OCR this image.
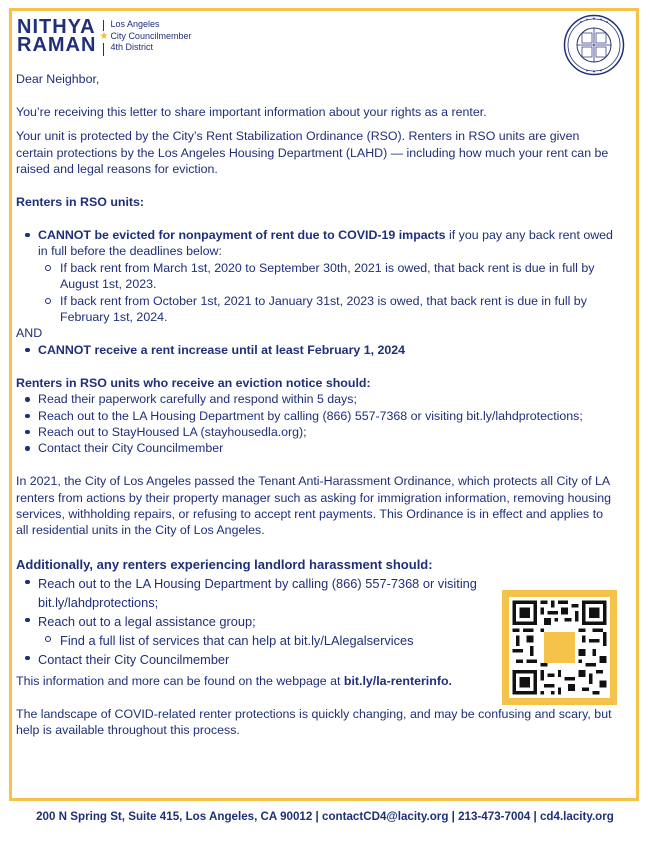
NITHYA
RAMAN ★
Los Angeles
City Councilmember
4th District

Dear Neighbor,

You’re receiving this letter to share important information about your rights as a renter.

Your unit is protected by the City’s Rent Stabilization Ordinance (RSO). Renters in RSO units are given certain protections by the Los Angeles Housing Department (LAHD) — including how much your rent can be raised and legal reasons for eviction.

Renters in RSO units:

CANNOT be evicted for nonpayment of rent due to COVID-19 impacts if you pay any back rent owed in full before the deadlines below:
If back rent from March 1st, 2020 to September 30th, 2021 is owed, that back rent is due in full by August 1st, 2023.
If back rent from October 1st, 2021 to January 31st, 2023 is owed, that back rent is due in full by February 1st, 2024.

AND

CANNOT receive a rent increase until at least February 1, 2024

Renters in RSO units who receive an eviction notice should:

Read their paperwork carefully and respond within 5 days;
Reach out to the LA Housing Department by calling (866) 557-7368 or visiting bit.ly/lahdprotections;
Reach out to StayHoused LA (stayhousedla.org);
Contact their City Councilmember

In 2021, the City of Los Angeles passed the Tenant Anti-Harassment Ordinance, which protects all City of LA renters from actions by their property manager such as asking for immigration information, removing housing services, withholding repairs, or refusing to accept rent payments. This Ordinance is in effect and applies to all residential units in the City of Los Angeles.

Additionally, any renters experiencing landlord harassment should:

Reach out to the LA Housing Department by calling (866) 557-7368 or visiting bit.ly/lahdprotections;
Reach out to a legal assistance group;
Find a full list of services that can help at bit.ly/LAlegalservices
Contact their City Councilmember

This information and more can be found on the webpage at bit.ly/la-renterinfo.

The landscape of COVID-related renter protections is quickly changing, and may be confusing and scary, but help is available throughout this process.

200 N Spring St, Suite 415, Los Angeles, CA 90012 | contactCD4@lacity.org | 213-473-7004 | cd4.lacity.org
